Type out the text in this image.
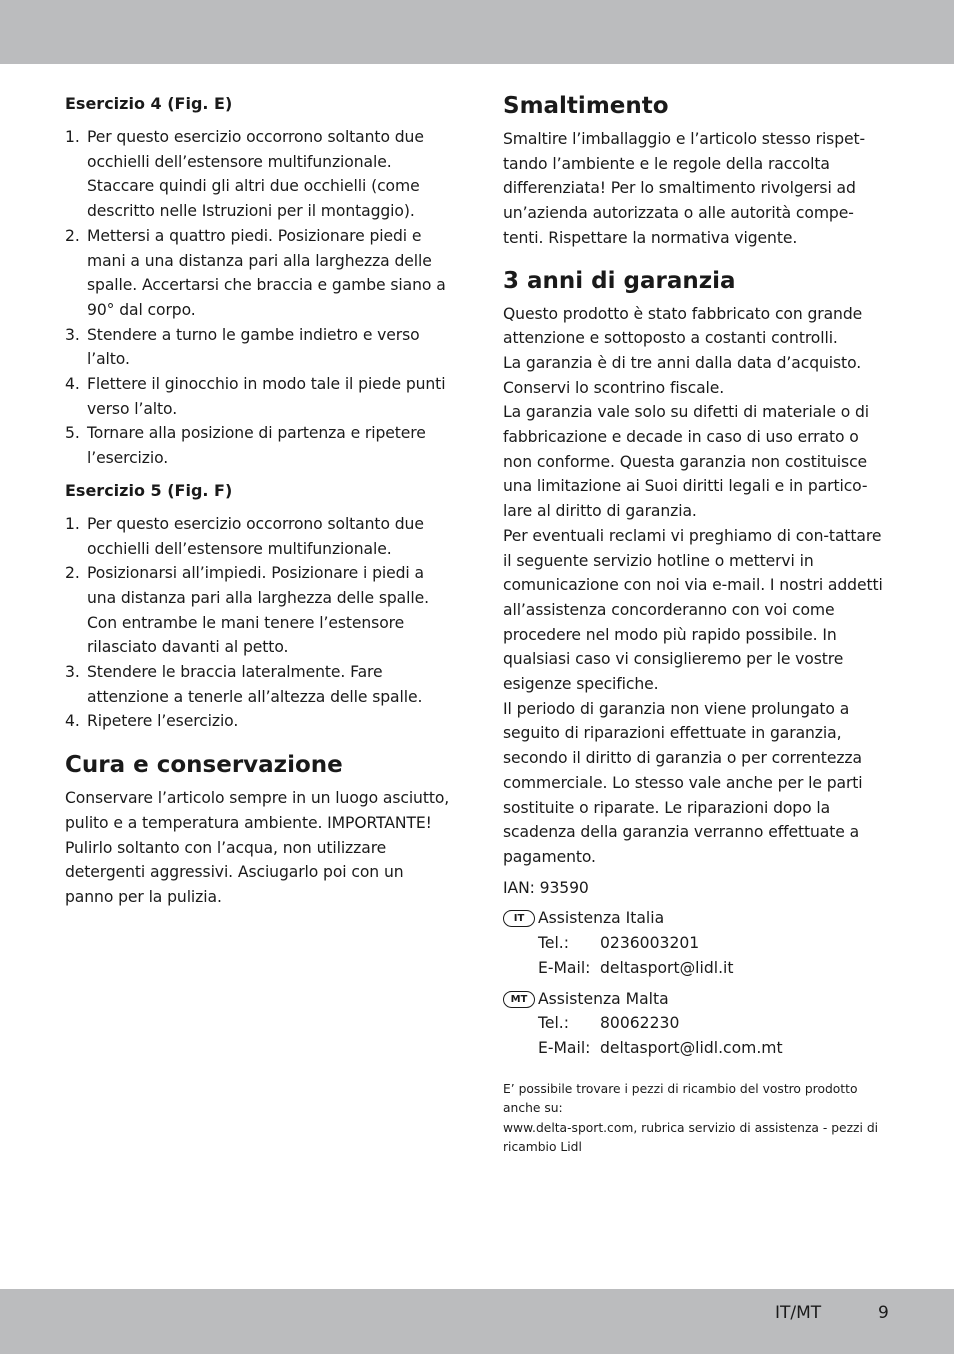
Esercizio 4 (Fig. E)
1. Per questo esercizio occorrono soltanto due occhielli dell’estensore multifunzionale. Staccare quindi gli altri due occhielli (come descritto nelle Istruzioni per il montaggio).
2. Mettersi a quattro piedi. Posizionare piedi e mani a una distanza pari alla larghezza delle spalle. Accertarsi che braccia e gambe siano a 90° dal corpo.
3. Stendere a turno le gambe indietro e verso l’alto.
4. Flettere il ginocchio in modo tale il piede punti verso l’alto.
5. Tornare alla posizione di partenza e ripetere l’esercizio.
Esercizio 5 (Fig. F)
1. Per questo esercizio occorrono soltanto due occhielli dell’estensore multifunzionale.
2. Posizionarsi all’impiedi. Posizionare i piedi a una distanza pari alla larghezza delle spalle. Con entrambe le mani tenere l’estensore rilasciato davanti al petto.
3. Stendere le braccia lateralmente. Fare attenzione a tenerle all’altezza delle spalle.
4. Ripetere l’esercizio.
Cura e conservazione
Conservare l’articolo sempre in un luogo asciutto, pulito e a temperatura ambiente. IMPORTANTE! Pulirlo soltanto con l’acqua, non utilizzare detergenti aggressivi. Asciugarlo poi con un panno per la pulizia.
Smaltimento
Smaltire l’imballaggio e l’articolo stesso rispet-tando l’ambiente e le regole della raccolta differenziata! Per lo smaltimento rivolgersi ad un’azienda autorizzata o alle autorità compe-tenti. Rispettare la normativa vigente.
3 anni di garanzia
Questo prodotto è stato fabbricato con grande attenzione e sottoposto a costanti controlli.
La garanzia è di tre anni dalla data d’acquisto. Conservi lo scontrino fiscale.
La garanzia vale solo su difetti di materiale o di fabbricazione e decade in caso di uso errato o non conforme. Questa garanzia non costituisce una limitazione ai Suoi diritti legali e in partico-lare al diritto di garanzia.
Per eventuali reclami vi preghiamo di con-tattare il seguente servizio hotline o mettervi in comunicazione con noi via e-mail. I nostri addetti all’assistenza concorderanno con voi come procedere nel modo più rapido possibile. In qualsiasi caso vi consiglieremo per le vostre esigenze specifiche.
Il periodo di garanzia non viene prolungato a seguito di riparazioni effettuate in garanzia, secondo il diritto di garanzia o per correntezza commerciale. Lo stesso vale anche per le parti sostituite o riparate. Le riparazioni dopo la scadenza della garanzia verranno effettuate a pagamento.
IAN: 93590
IT Assistenza Italia
Tel.: 0236003201
E-Mail: deltasport@lidl.it
MT Assistenza Malta
Tel.: 80062230
E-Mail: deltasport@lidl.com.mt
E’ possibile trovare i pezzi di ricambio del vostro prodotto anche su:
www.delta-sport.com, rubrica servizio di assistenza - pezzi di ricambio Lidl
IT/MT	9
